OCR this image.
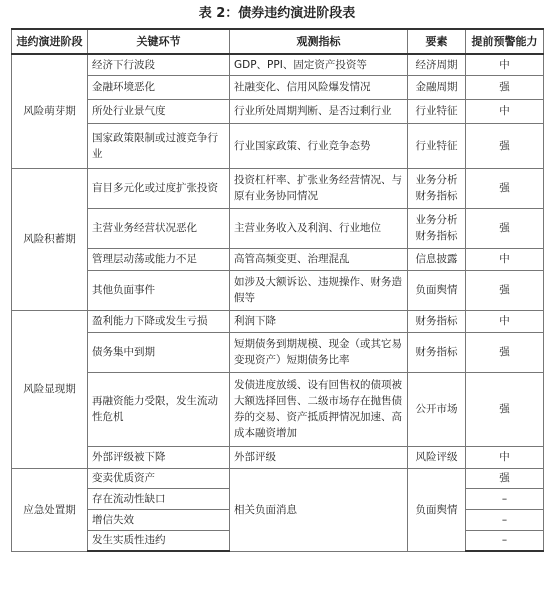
表 2：债券违约演进阶段表
违约演进阶段	关键环节	观测指标	要素	提前预警能力
风险萌芽期	经济下行波段	GDP、PPI、固定资产投资等	经济周期	中
	金融环境恶化	社融变化、信用风险爆发情况	金融周期	强
	所处行业景气度	行业所处周期判断、是否过剩行业	行业特征	中
	国家政策限制或过渡竞争行业	行业国家政策、行业竞争态势	行业特征	强
风险积蓄期	盲目多元化或过度扩张投资	投资杠杆率、扩张业务经营情况、与原有业务协同情况	业务分析财务指标	强
	主营业务经营状况恶化	主营业务收入及利润、行业地位	业务分析财务指标	强
	管理层动荡或能力不足	高管高频变更、治理混乱	信息披露	中
	其他负面事件	如涉及大额诉讼、违规操作、财务造假等	负面舆情	强
风险显现期	盈利能力下降或发生亏损	利润下降	财务指标	中
	债务集中到期	短期债务到期规模、现金（或其它易变现资产）短期债务比率	财务指标	强
	再融资能力受限，发生流动性危机	发债进度放缓、设有回售权的债项被大额选择回售、二级市场存在抛售债券的交易、资产抵质押情况加速、高成本融资增加	公开市场	强
	外部评级被下降	外部评级	风险评级	中
应急处置期	变卖优质资产	相关负面消息	负面舆情	强
	存在流动性缺口			–
	增信失效			–
	发生实质性违约			–
